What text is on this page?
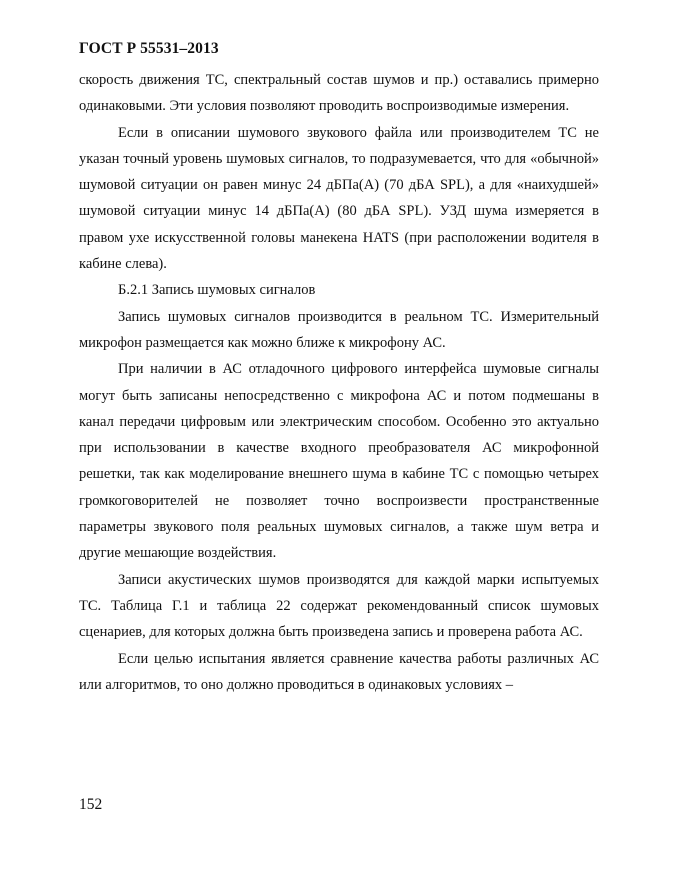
ГОСТ Р 55531–2013

скорость движения ТС, спектральный состав шумов и пр.) оставались примерно одинаковыми. Эти условия позволяют проводить воспроизводимые измерения.

Если в описании шумового звукового файла или производителем ТС не указан точный уровень шумовых сигналов, то подразумевается, что для «обычной» шумовой ситуации он равен минус 24 дБПа(А) (70 дБА SPL), а для «наихудшей» шумовой ситуации минус 14 дБПа(А) (80 дБА SPL). УЗД шума измеряется в правом ухе искусственной головы манекена HATS (при расположении водителя в кабине слева).

Б.2.1 Запись шумовых сигналов

Запись шумовых сигналов производится в реальном ТС. Измерительный микрофон размещается как можно ближе к микрофону АС.

При наличии в АС отладочного цифрового интерфейса шумовые сигналы могут быть записаны непосредственно с микрофона АС и потом подмешаны в канал передачи цифровым или электрическим способом. Особенно это актуально при использовании в качестве входного преобразователя АС микрофонной решетки, так как моделирование внешнего шума в кабине ТС с помощью четырех громкоговорителей не позволяет точно воспроизвести пространственные параметры звукового поля реальных шумовых сигналов, а также шум ветра и другие мешающие воздействия.

Записи акустических шумов производятся для каждой марки испытуемых ТС. Таблица Г.1 и таблица 22 содержат рекомендованный список шумовых сценариев, для которых должна быть произведена запись и проверена работа АС.

Если целью испытания является сравнение качества работы различных АС или алгоритмов, то оно должно проводиться в одинаковых условиях –

152
